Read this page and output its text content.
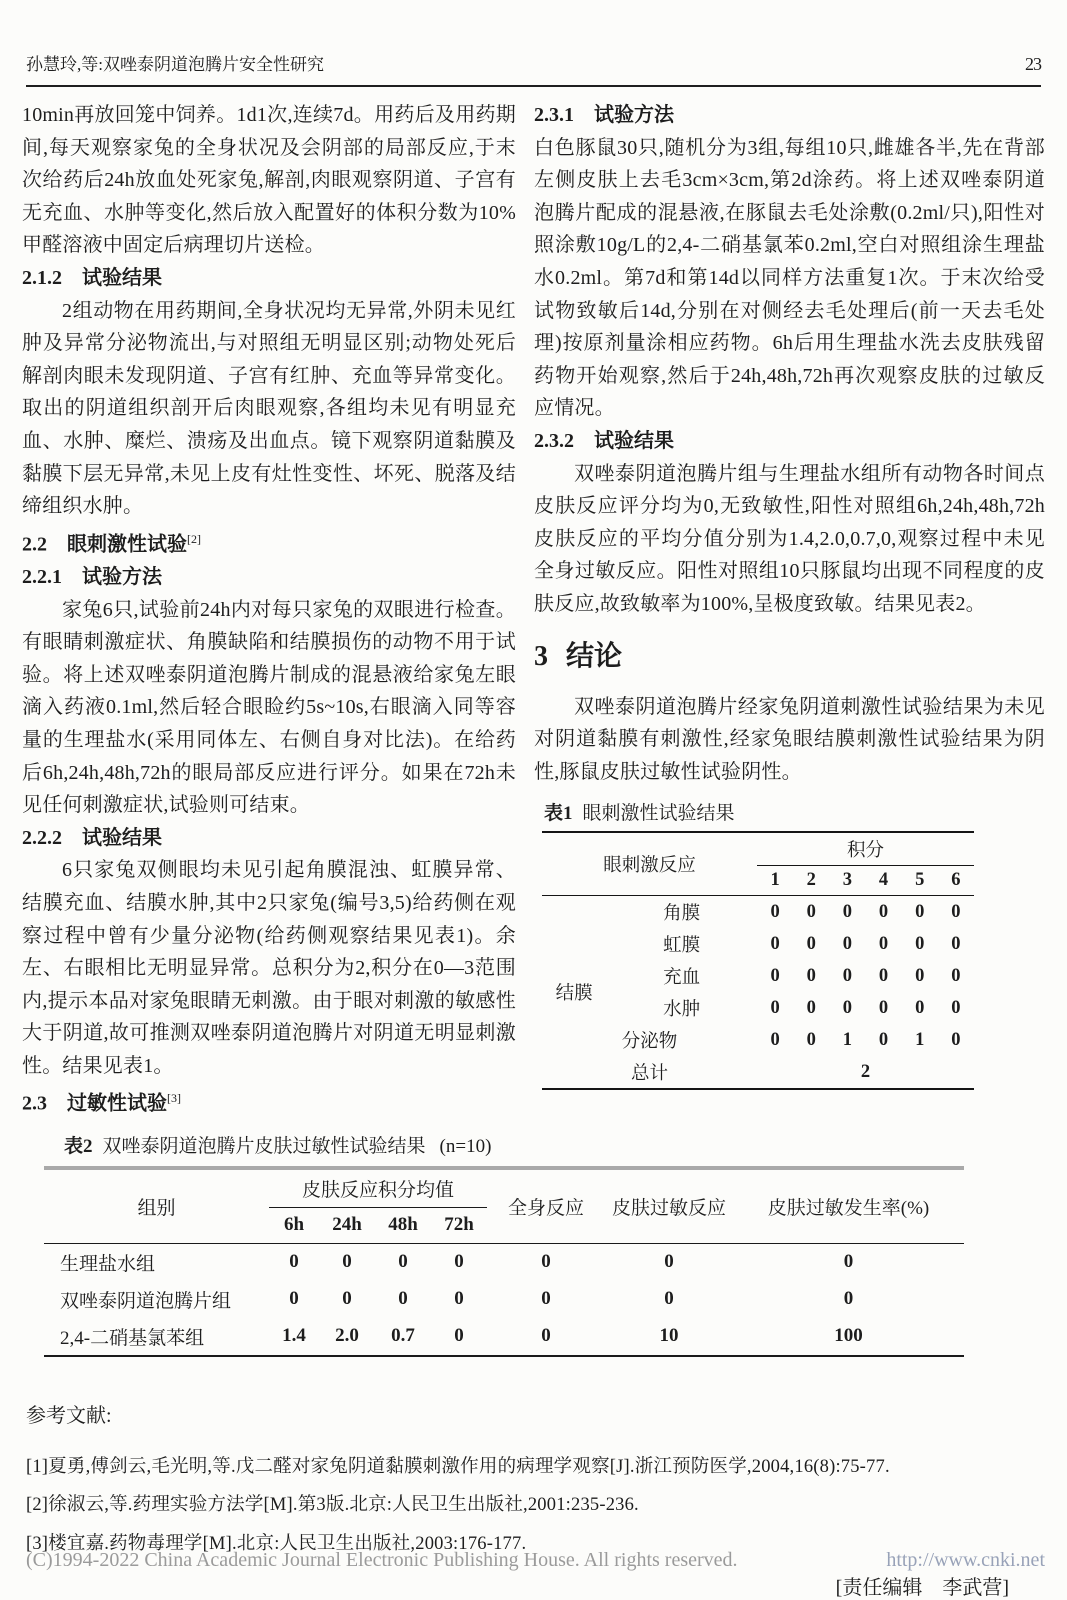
孙慧玲,等:双唑泰阴道泡腾片安全性研究	23

10min再放回笼中饲养。1d1次,连续7d。用药后及用药期间,每天观察家兔的全身状况及会阴部的局部反应,于末次给药后24h放血处死家兔,解剖,肉眼观察阴道、子宫有无充血、水肿等变化,然后放入配置好的体积分数为10%甲醛溶液中固定后病理切片送检。

2.1.2　试验结果

2组动物在用药期间,全身状况均无异常,外阴未见红肿及异常分泌物流出,与对照组无明显区别;动物处死后解剖肉眼未发现阴道、子宫有红肿、充血等异常变化。取出的阴道组织剖开后肉眼观察,各组均未见有明显充血、水肿、糜烂、溃疡及出血点。镜下观察阴道黏膜及黏膜下层无异常,未见上皮有灶性变性、坏死、脱落及结缔组织水肿。

2.2　眼刺激性试验[2]
2.2.1　试验方法

家兔6只,试验前24h内对每只家兔的双眼进行检查。有眼睛刺激症状、角膜缺陷和结膜损伤的动物不用于试验。将上述双唑泰阴道泡腾片制成的混悬液给家兔左眼滴入药液0.1ml,然后轻合眼睑约5s~10s,右眼滴入同等容量的生理盐水(采用同体左、右侧自身对比法)。在给药后6h,24h,48h,72h的眼局部反应进行评分。如果在72h未见任何刺激症状,试验则可结束。

2.2.2　试验结果

6只家兔双侧眼均未见引起角膜混浊、虹膜异常、结膜充血、结膜水肿,其中2只家兔(编号3,5)给药侧在观察过程中曾有少量分泌物(给药侧观察结果见表1)。余左、右眼相比无明显异常。总积分为2,积分在0—3范围内,提示本品对家兔眼睛无刺激。由于眼对刺激的敏感性大于阴道,故可推测双唑泰阴道泡腾片对阴道无明显刺激性。结果见表1。

2.3　过敏性试验[3]
2.3.1　试验方法

白色豚鼠30只,随机分为3组,每组10只,雌雄各半,先在背部左侧皮肤上去毛3cm×3cm,第2d涂药。将上述双唑泰阴道泡腾片配成的混悬液,在豚鼠去毛处涂敷(0.2ml/只),阳性对照涂敷10g/L的2,4-二硝基氯苯0.2ml,空白对照组涂生理盐水0.2ml。第7d和第14d以同样方法重复1次。于末次给受试物致敏后14d,分别在对侧经去毛处理后(前一天去毛处理)按原剂量涂相应药物。6h后用生理盐水洗去皮肤残留药物开始观察,然后于24h,48h,72h再次观察皮肤的过敏反应情况。

2.3.2　试验结果

双唑泰阴道泡腾片组与生理盐水组所有动物各时间点皮肤反应评分均为0,无致敏性,阳性对照组6h,24h,48h,72h皮肤反应的平均分值分别为1.4,2.0,0.7,0,观察过程中未见全身过敏反应。阳性对照组10只豚鼠均出现不同程度的皮肤反应,故致敏率为100%,呈极度致敏。结果见表2。

3 结论

双唑泰阴道泡腾片经家兔阴道刺激性试验结果为未见对阴道黏膜有刺激性,经家兔眼结膜刺激性试验结果为阴性,豚鼠皮肤过敏性试验阴性。

表1 眼刺激性试验结果
眼刺激反应		积分					
		1	2	3	4	5	6
	角膜	0	0	0	0	0	0
	虹膜	0	0	0	0	0	0
结膜	充血	0	0	0	0	0	0
	水肿	0	0	0	0	0	0
分泌物		0	0	1	0	1	0
总计		2					
表2 双唑泰阴道泡腾片皮肤过敏性试验结果 (n=10)
组别	皮肤反应积分均值				全身反应	皮肤过敏反应	皮肤过敏发生率(%)
	6h	24h	48h	72h			
生理盐水组	0	0	0	0	0	0	0
双唑泰阴道泡腾片组	0	0	0	0	0	0	0
2,4-二硝基氯苯组	1.4	2.0	0.7	0	0	10	100
参考文献:
[1]夏勇,傅剑云,毛光明,等.戊二醛对家兔阴道黏膜刺激作用的病理学观察[J].浙江预防医学,2004,16(8):75-77.
[2]徐淑云,等.药理实验方法学[M].第3版.北京:人民卫生出版社,2001:235-236.
[3]楼宜嘉.药物毒理学[M].北京:人民卫生出版社,2003:176-177.
[责任编辑　李武营]
(C)1994-2022 China Academic Journal Electronic Publishing House. All rights reserved.	http://www.cnki.net
